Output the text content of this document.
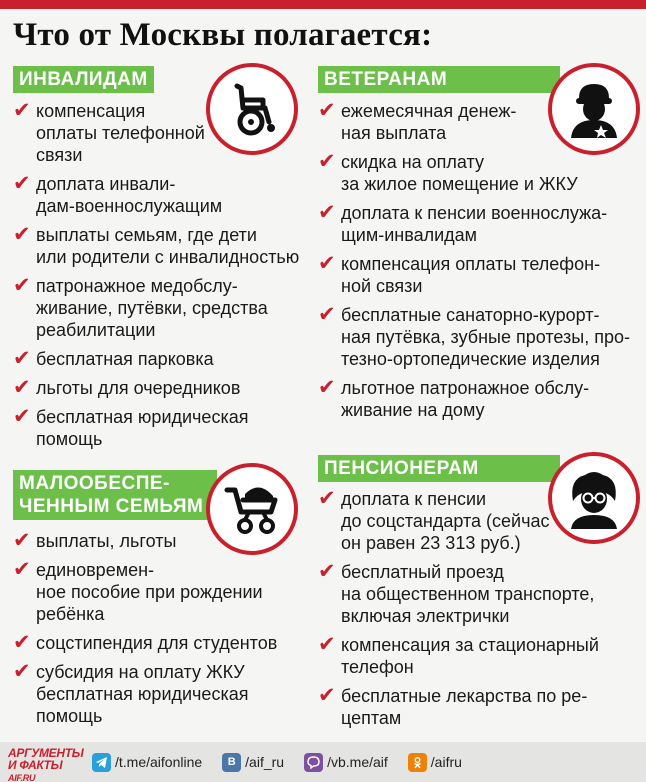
Что от Москвы полагается:
ИНВАЛИДАМ
✔ компенсация
оплаты телефонной
связи
✔ доплата инвали-
дам-военнослужащим
✔ выплаты семьям, где дети
или родители с инвалидностью
✔ патронажное медобслу-
живание, путёвки, средства
реабилитации
✔ бесплатная парковка
✔ льготы для очередников
✔ бесплатная юридическая
помощь
ВЕТЕРАНАМ
✔ ежемесячная денеж-
ная выплата
✔ скидка на оплату
за жилое помещение и ЖКУ
✔ доплата к пенсии военнослужа-
щим-инвалидам
✔ компенсация оплаты телефон-
ной связи
✔ бесплатные санаторно-курорт-
ная путёвка, зубные протезы, про-
тезно-ортопедические изделия
✔ льготное патронажное обслу-
живание на дому
МАЛООБЕСПЕ-
ЧЕННЫМ СЕМЬЯМ
✔ выплаты, льготы
✔ единовремен-
ное пособие при рождении
ребёнка
✔ соцстипендия для студентов
✔ субсидия на оплату ЖКУ
бесплатная юридическая
помощь
ПЕНСИОНЕРАМ
✔ доплата к пенсии
до соцстандарта (сейчас
он равен 23 313 руб.)
✔ бесплатный проезд
на общественном транспорте,
включая электрички
✔ компенсация за стационарный
телефон
✔ бесплатные лекарства по ре-
цептам
АРГУМЕНТЫ
И ФАКТЫ AIF.RU
/t.me/aifonline	B /aif_ru	/vb.me/aif	/aifru
